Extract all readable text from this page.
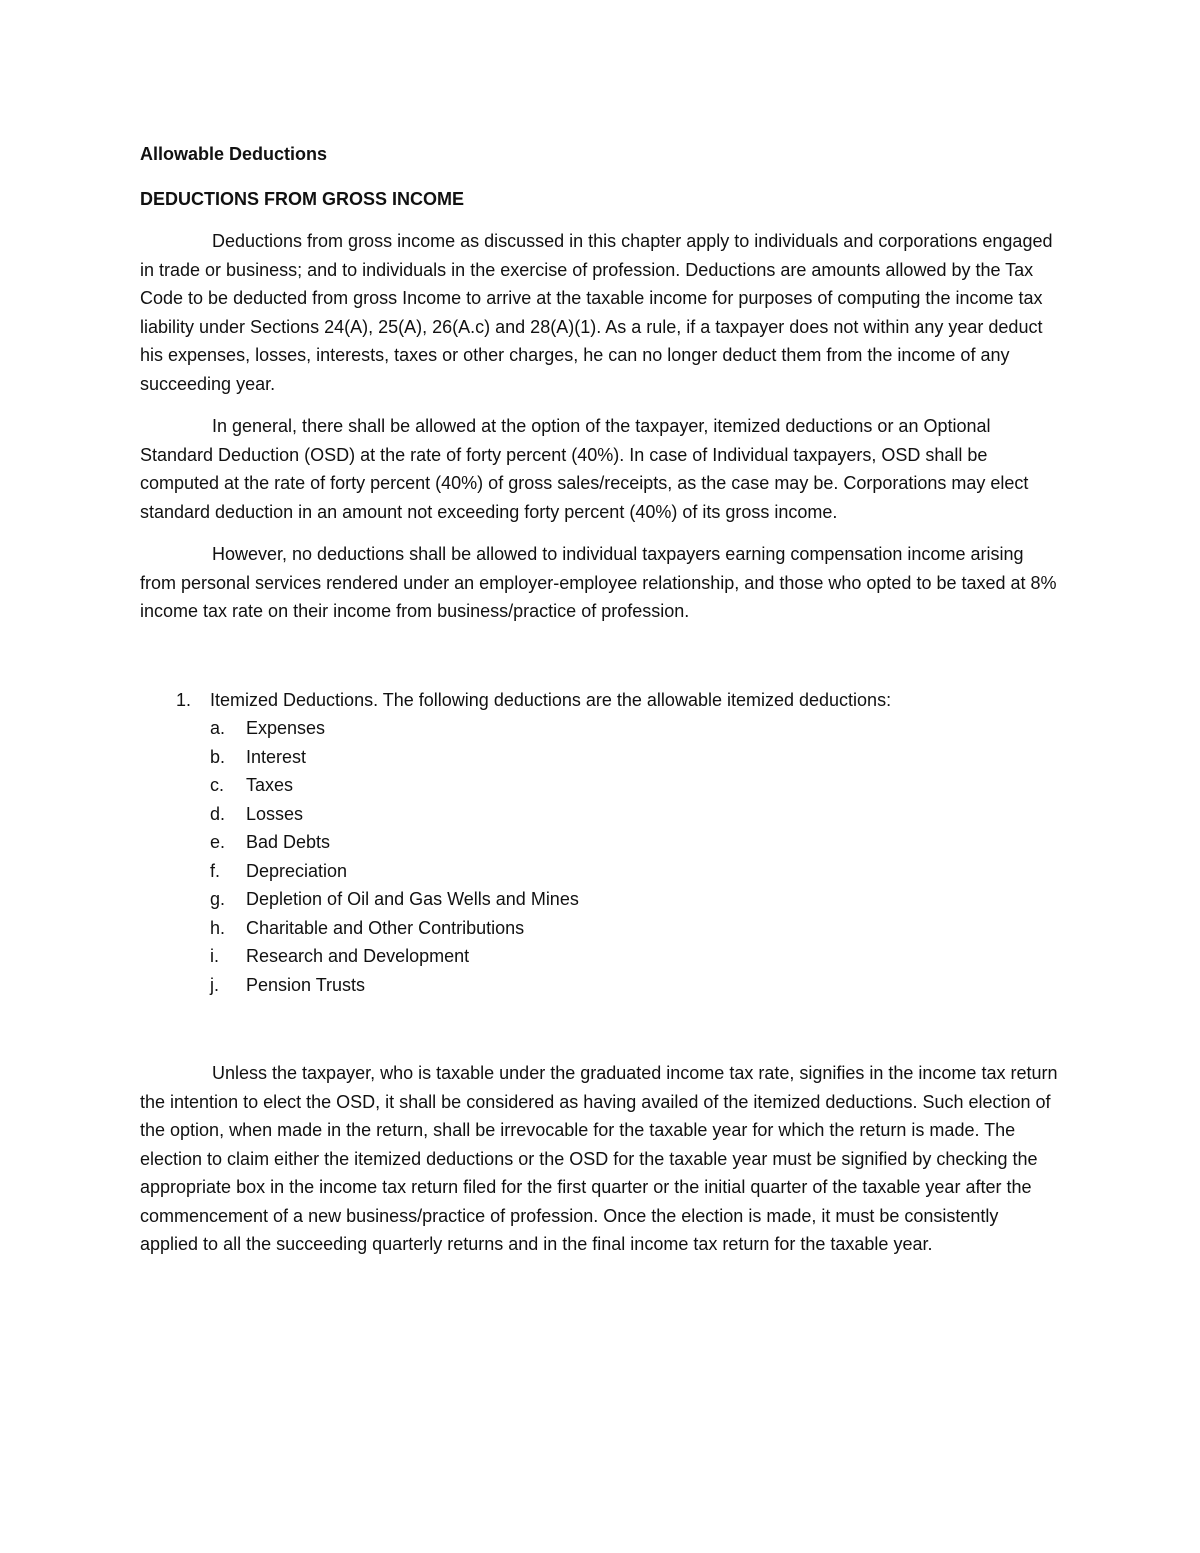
Allowable Deductions

DEDUCTIONS FROM GROSS INCOME

Deductions from gross income as discussed in this chapter apply to individuals and corporations engaged in trade or business; and to individuals in the exercise of profession. Deductions are amounts allowed by the Tax Code to be deducted from gross Income to arrive at the taxable income for purposes of computing the income tax liability under Sections 24(A), 25(A), 26(A.c) and 28(A)(1). As a rule, if a taxpayer does not within any year deduct his expenses, losses, interests, taxes or other charges, he can no longer deduct them from the income of any succeeding year.

In general, there shall be allowed at the option of the taxpayer, itemized deductions or an Optional Standard Deduction (OSD) at the rate of forty percent (40%). In case of Individual taxpayers, OSD shall be computed at the rate of forty percent (40%) of gross sales/receipts, as the case may be. Corporations may elect standard deduction in an amount not exceeding forty percent (40%) of its gross income.

However, no deductions shall be allowed to individual taxpayers earning compensation income arising from personal services rendered under an employer-employee relationship, and those who opted to be taxed at 8% income tax rate on their income from business/practice of profession.

1.	Itemized Deductions. The following deductions are the allowable itemized deductions:
a.	Expenses
b.	Interest
c.	Taxes
d.	Losses
e.	Bad Debts
f.	Depreciation
g.	Depletion of Oil and Gas Wells and Mines
h.	Charitable and Other Contributions
i.	Research and Development
j.	Pension Trusts

Unless the taxpayer, who is taxable under the graduated income tax rate, signifies in the income tax return the intention to elect the OSD, it shall be considered as having availed of the itemized deductions. Such election of the option, when made in the return, shall be irrevocable for the taxable year for which the return is made. The election to claim either the itemized deductions or the OSD for the taxable year must be signified by checking the appropriate box in the income tax return filed for the first quarter or the initial quarter of the taxable year after the commencement of a new business/practice of profession. Once the election is made, it must be consistently applied to all the succeeding quarterly returns and in the final income tax return for the taxable year.
